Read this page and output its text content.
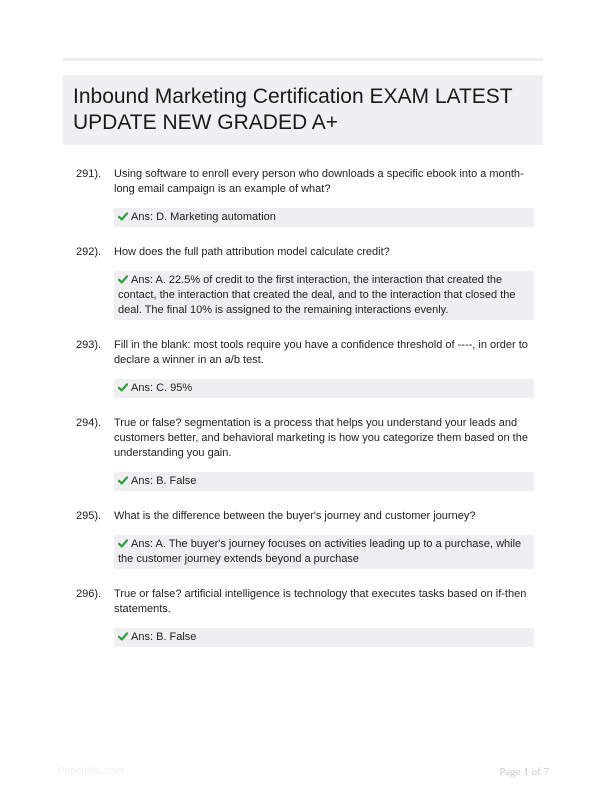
Inbound Marketing Certification EXAM LATEST UPDATE NEW GRADED A+
291). Using software to enroll every person who downloads a specific ebook into a month-long email campaign is an example of what?
Ans: D. Marketing automation
292). How does the full path attribution model calculate credit?
Ans: A. 22.5% of credit to the first interaction, the interaction that created the contact, the interaction that created the deal, and to the interaction that closed the deal. The final 10% is assigned to the remaining interactions evenly.
293). Fill in the blank: most tools require you have a confidence threshold of ----, in order to declare a winner in an a/b test.
Ans: C. 95%
294). True or false? segmentation is a process that helps you understand your leads and customers better, and behavioral marketing is how you categorize them based on the understanding you gain.
Ans: B. False
295). What is the difference between the buyer's journey and customer journey?
Ans: A. The buyer's journey focuses on activities leading up to a purchase, while the customer journey extends beyond a purchase
296). True or false? artificial intelligence is technology that executes tasks based on if-then statements.
Ans: B. False
Paperlibtc.com	Page 1 of 7
